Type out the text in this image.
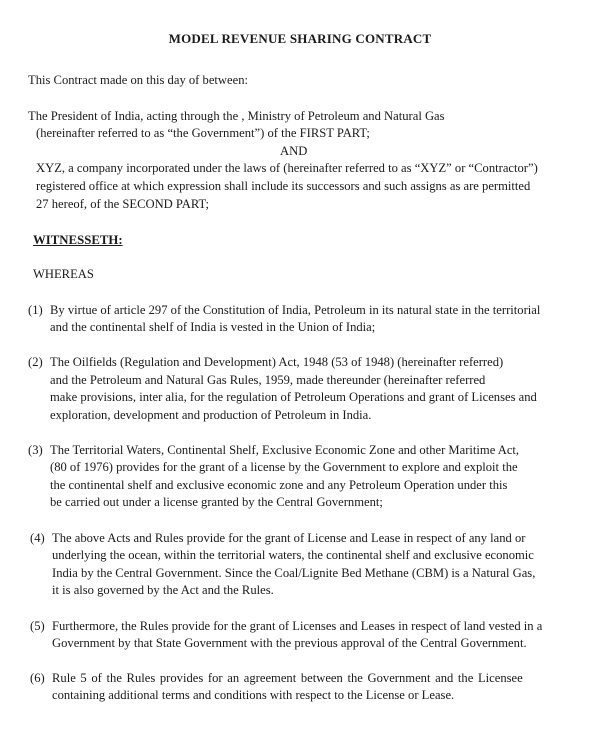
MODEL REVENUE SHARING CONTRACT
This Contract made on this day of between:
The President of India, acting through the , Ministry of Petroleum and Natural Gas
(hereinafter referred to as “the Government”) of the FIRST PART;
AND
XYZ, a company incorporated under the laws of (hereinafter referred to as “XYZ” or “Contractor”)
registered office at which expression shall include its successors and such assigns as are permitted
27 hereof, of the SECOND PART;
WITNESSETH:
WHEREAS
(1) By virtue of article 297 of the Constitution of India, Petroleum in its natural state in the territorial
and the continental shelf of India is vested in the Union of India;
(2) The Oilfields (Regulation and Development) Act, 1948 (53 of 1948) (hereinafter referred)
and the Petroleum and Natural Gas Rules, 1959, made thereunder (hereinafter referred
make provisions, inter alia, for the regulation of Petroleum Operations and grant of Licenses and
exploration, development and production of Petroleum in India.
(3) The Territorial Waters, Continental Shelf, Exclusive Economic Zone and other Maritime Act,
(80 of 1976) provides for the grant of a license by the Government to explore and exploit the
the continental shelf and exclusive economic zone and any Petroleum Operation under this
be carried out under a license granted by the Central Government;
(4) The above Acts and Rules provide for the grant of License and Lease in respect of any land or
underlying the ocean, within the territorial waters, the continental shelf and exclusive economic
India by the Central Government. Since the Coal/Lignite Bed Methane (CBM) is a Natural Gas,
it is also governed by the Act and the Rules.
(5) Furthermore, the Rules provide for the grant of Licenses and Leases in respect of land vested in a
Government by that State Government with the previous approval of the Central Government.
(6) Rule 5 of the Rules provides for an agreement between the Government and the Licensee
containing additional terms and conditions with respect to the License or Lease.
